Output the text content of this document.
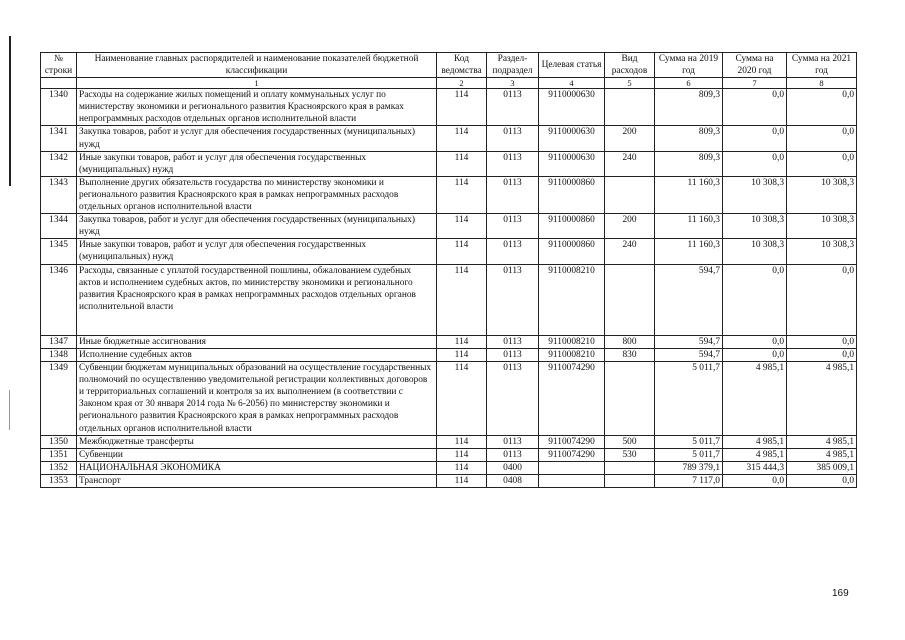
№ строки	Наименование главных распорядителей и наименование показателей бюджетной классификации	Код ведомства	Раздел-подраздел	Целевая статья	Вид расходов	Сумма на 2019 год	Сумма на 2020 год	Сумма на 2021 год
	1	2	3	4	5	6	7	8
1340	Расходы на содержание жилых помещений и оплату коммунальных услуг по министерству экономики и регионального развития Красноярского края в рамках непрограммных расходов отдельных органов исполнительной власти	114	0113	9110000630		809,3	0,0	0,0
1341	Закупка товаров, работ и услуг для обеспечения государственных (муниципальных) нужд	114	0113	9110000630	200	809,3	0,0	0,0
1342	Иные закупки товаров, работ и услуг для обеспечения государственных (муниципальных) нужд	114	0113	9110000630	240	809,3	0,0	0,0
1343	Выполнение других обязательств государства по министерству экономики и регионального развития Красноярского края в рамках непрограммных расходов отдельных органов исполнительной власти	114	0113	9110000860		11 160,3	10 308,3	10 308,3
1344	Закупка товаров, работ и услуг для обеспечения государственных (муниципальных) нужд	114	0113	9110000860	200	11 160,3	10 308,3	10 308,3
1345	Иные закупки товаров, работ и услуг для обеспечения государственных (муниципальных) нужд	114	0113	9110000860	240	11 160,3	10 308,3	10 308,3
1346	Расходы, связанные с уплатой государственной пошлины, обжалованием судебных актов и исполнением судебных актов, по министерству экономики и регионального развития Красноярского края в рамках непрограммных расходов отдельных органов исполнительной власти	114	0113	9110008210		594,7	0,0	0,0
1347	Иные бюджетные ассигнования	114	0113	9110008210	800	594,7	0,0	0,0
1348	Исполнение судебных актов	114	0113	9110008210	830	594,7	0,0	0,0
1349	Субвенции бюджетам муниципальных образований на осуществление государственных полномочий по осуществлению уведомительной регистрации коллективных договоров и территориальных соглашений и контроля за их выполнением (в соответствии с Законом края от 30 января 2014 года № 6-2056) по министерству экономики и регионального развития Красноярского края в рамках непрограммных расходов отдельных органов исполнительной власти	114	0113	9110074290		5 011,7	4 985,1	4 985,1
1350	Межбюджетные трансферты	114	0113	9110074290	500	5 011,7	4 985,1	4 985,1
1351	Субвенции	114	0113	9110074290	530	5 011,7	4 985,1	4 985,1
1352	НАЦИОНАЛЬНАЯ ЭКОНОМИКА	114	0400			789 379,1	315 444,3	385 009,1
1353	Транспорт	114	0408			7 117,0	0,0	0,0
169
